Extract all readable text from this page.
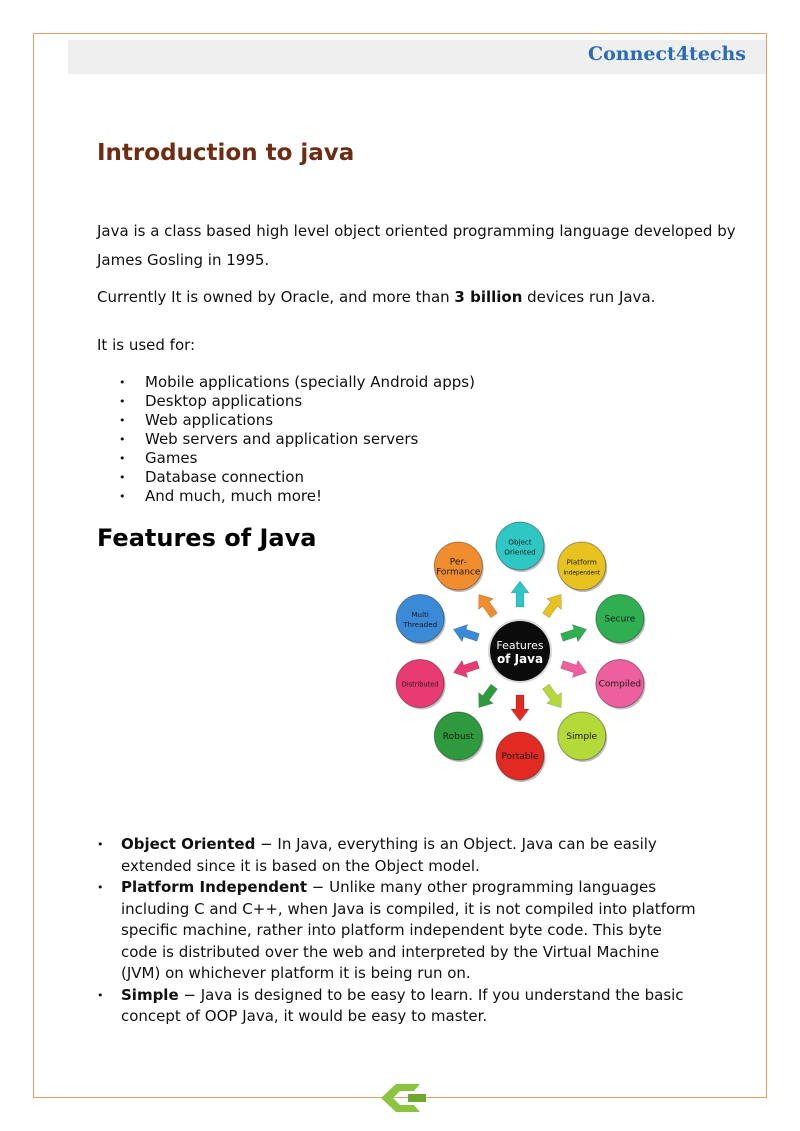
Connect4techs
Introduction to java

Java is a class based high level object oriented programming language developed by James Gosling in 1995.

Currently It is owned by Oracle, and more than 3 billion devices run Java.

It is used for:

• Mobile applications (specially Android apps)
• Desktop applications
• Web applications
• Web servers and application servers
• Games
• Database connection
• And much, much more!
Features of Java	Object
Oriented
Platform
Independent
Secure
Compiled
Simple
Portable
Robust
Distributed
Multi
Threaded
Per-
Formance
Features
of Java
• Object Oriented − In Java, everything is an Object. Java can be easily extended since it is based on the Object model.
• Platform Independent − Unlike many other programming languages including C and C++, when Java is compiled, it is not compiled into platform specific machine, rather into platform independent byte code. This byte code is distributed over the web and interpreted by the Virtual Machine (JVM) on whichever platform it is being run on.
• Simple − Java is designed to be easy to learn. If you understand the basic concept of OOP Java, it would be easy to master.
